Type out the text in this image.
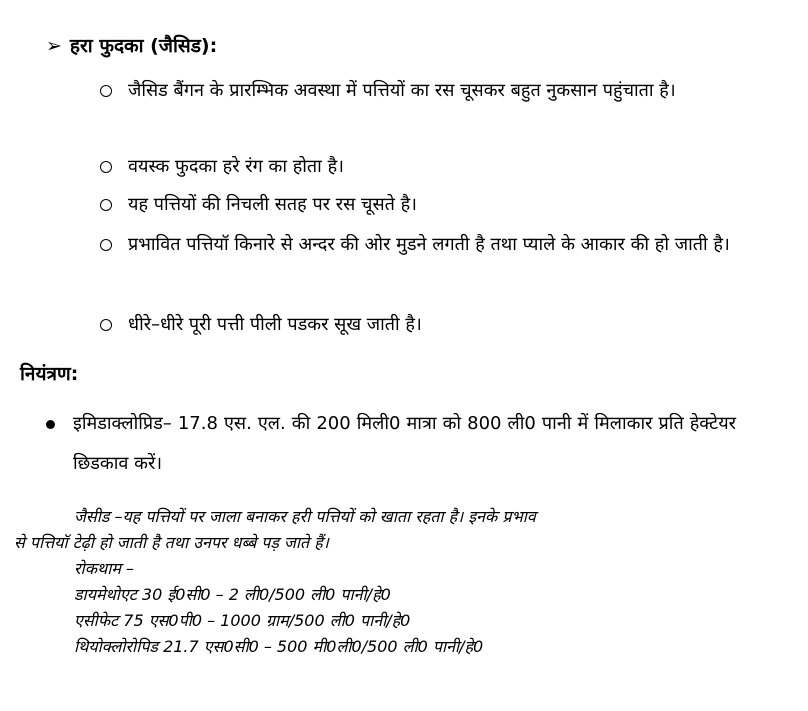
➢ हरा फुदका (जैसिड):
जैसिड बैंगन के प्रारम्भिक अवस्था में पत्तियों का रस चूसकर बहुत नुकसान पहुंचाता है।
वयस्क फुदका हरे रंग का होता है।
यह पत्तियों की निचली सतह पर रस चूसते है।
प्रभावित पत्तियॉ किनारे से अन्दर की ओर मुडने लगती है तथा प्याले के आकार की हो जाती है।
धीरे–धीरे पूरी पत्ती पीली पडकर सूख जाती है।
नियंत्रण:
इमिडाक्लोप्रिड– 17.8 एस. एल. की 200 मिली0 मात्रा को 800 ली0 पानी में मिलाकार प्रति हेक्टेयर छिडकाव करें।
जैसीड –यह पत्तियों पर जाला बनाकर हरी पत्तियों को खाता रहता है। इनके प्रभाव
से पत्तियॉ टेढ़ी हो जाती है तथा उनपर धब्बे पड़ जाते हैं।
रोकथाम –
डायमेथोएट 30 ई0सी0 – 2 ली0/500 ली0 पानी/हे0
एसीफेट 75 एस0पी0 – 1000 ग्राम/500 ली0 पानी/हे0
थियोक्लोरोपिड 21.7 एस0सी0 – 500 मी0ली0/500 ली0 पानी/हे0
